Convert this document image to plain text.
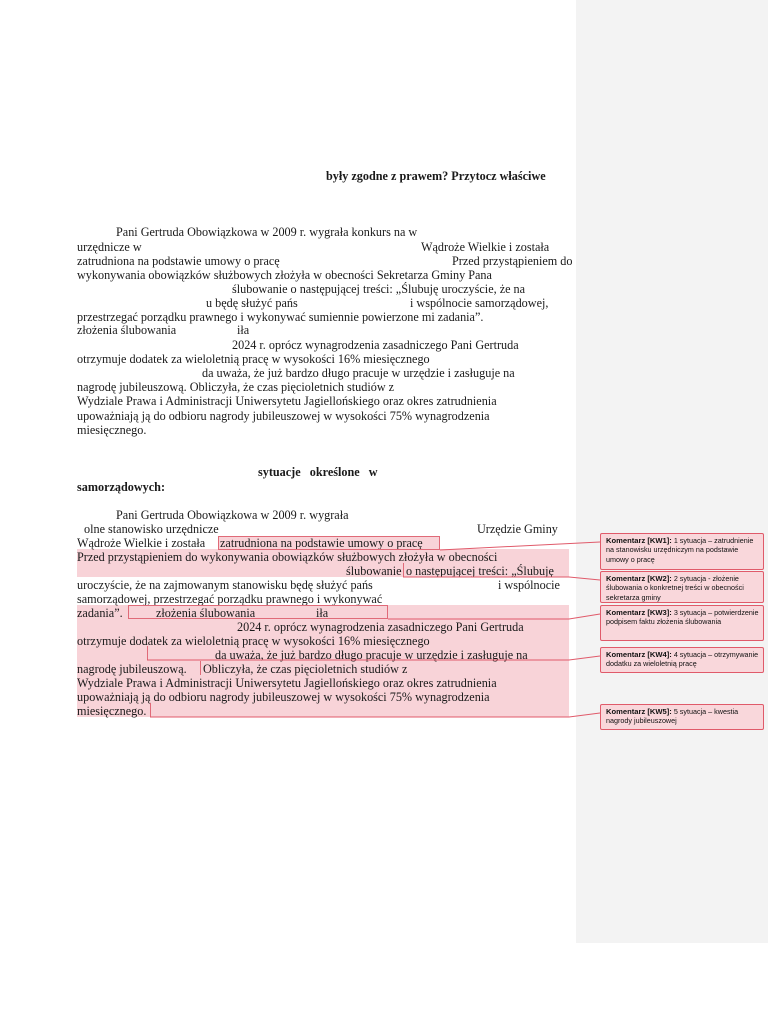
były zgodne z prawem? Przytocz właściwe
Pani Gertruda Obowiązkowa w 2009 r. wygrała konkurs na w
urzędnicze w	Wądroże Wielkie i została
zatrudniona na podstawie umowy o pracę	Przed przystąpieniem do
wykonywania obowiązków służbowych złożyła w obecności Sekretarza Gminy Pana
ślubowanie o następującej treści: „Ślubuję uroczyście, że na
u będę służyć pańs	i wspólnocie samorządowej,
przestrzegać porządku prawnego i wykonywać sumiennie powierzone mi zadania”.
złożenia ślubowania	iła
2024 r. oprócz wynagrodzenia zasadniczego Pani Gertruda
otrzymuje dodatek za wieloletnią pracę w wysokości 16% miesięcznego
da uważa, że już bardzo długo pracuje w urzędzie i zasługuje na
nagrodę jubileuszową. Obliczyła, że czas pięcioletnich studiów z
Wydziale Prawa i Administracji Uniwersytetu Jagiellońskiego oraz okres zatrudnienia
upoważniają ją do odbioru nagrody jubileuszowej w wysokości 75% wynagrodzenia
miesięcznego.
sytuacje   określone   w
samorządowych:
Pani Gertruda Obowiązkowa w 2009 r. wygrała
olne stanowisko urzędnicze	Urzędzie Gminy
Wądroże Wielkie i została zatrudniona na podstawie umowy o pracę
Przed przystąpieniem do wykonywania obowiązków służbowych złożyła w obecności
ślubowanie o następującej treści: „Ślubuję
uroczyście, że na zajmowanym stanowisku będę służyć pańs	i wspólnocie
samorządowej, przestrzegać porządku prawnego i wykonywać
zadania”.	złożenia ślubowania	iła
2024 r. oprócz wynagrodzenia zasadniczego Pani Gertruda
otrzymuje dodatek za wieloletnią pracę w wysokości 16% miesięcznego
da uważa, że już bardzo długo pracuje w urzędzie i zasługuje na
nagrodę jubileuszową. Obliczyła, że czas pięcioletnich studiów z
Wydziale Prawa i Administracji Uniwersytetu Jagiellońskiego oraz okres zatrudnienia
upoważniają ją do odbioru nagrody jubileuszowej w wysokości 75% wynagrodzenia
miesięcznego.
Komentarz [KW1]: 1 sytuacja – zatrudnienie na stanowisku urzędniczym na podstawie umowy o pracę
Komentarz [KW2]: 2 sytuacja - złożenie ślubowania o konkretnej treści w obecności sekretarza gminy
Komentarz [KW3]: 3 sytuacja – potwierdzenie podpisem faktu złożenia ślubowania
Komentarz [KW4]: 4 sytuacja – otrzymywanie dodatku za wieloletnią pracę
Komentarz [KW5]: 5 sytuacja – kwestia nagrody jubileuszowej
